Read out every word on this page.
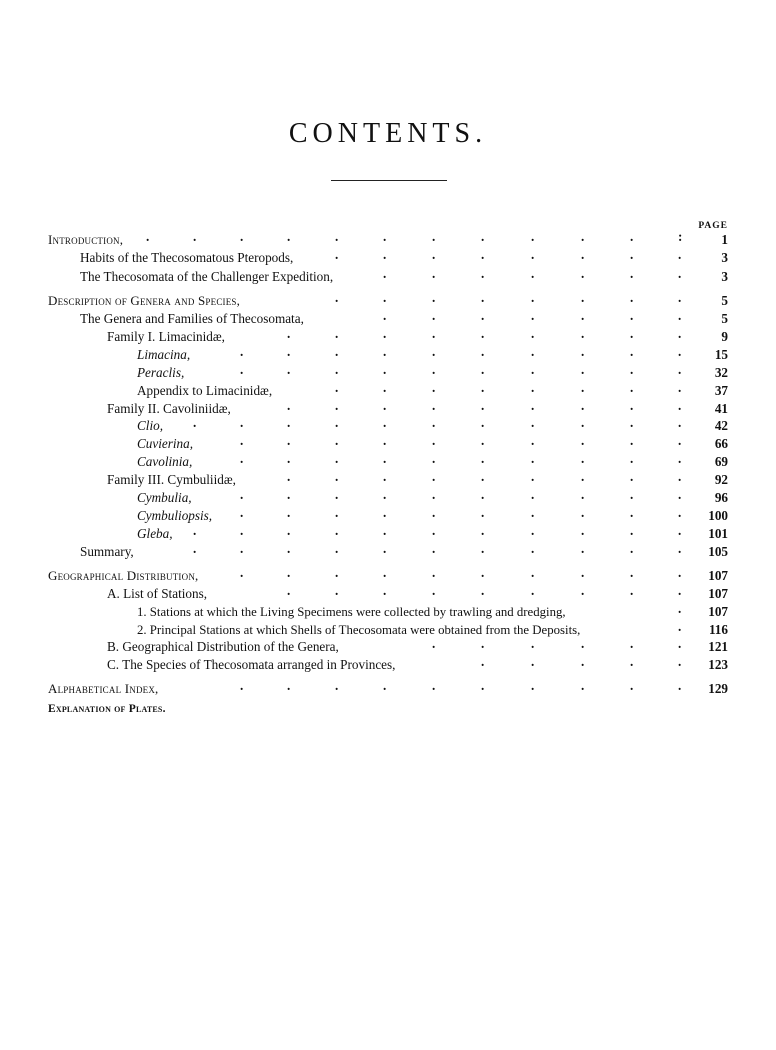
CONTENTS.
PAGE
Introduction, .	.	.	.	.	.	.	.	.	.	.	:	1
Habits of the Thecosomatous Pteropods,	.	.	.	.	.	.	.	.	3
The Thecosomata of the Challenger Expedition,	.	.	.	.	.	.	.	3
Description of Genera and Species,	.	.	.	.	.	.	.	.	5
The Genera and Families of Thecosomata,	.	.	.	.	.	.	.	5
Family I. Limacinidæ,	.	.	.	.	.	.	.	.	.	9
Limacina,	.	.	.	.	.	.	.	.	.	.	15
Peraclis,	.	.	.	.	.	.	.	.	.	.	32
Appendix to Limacinidæ,	.	.	.	.	.	.	.	.	37
Family II. Cavoliniidæ,	.	.	.	.	.	.	.	.	.	41
Clio, .	.	.	.	.	.	.	.	.	.	.	42
Cuvierina,	.	.	.	.	.	.	.	.	.	.	66
Cavolinia,	.	.	.	.	.	.	.	.	.	.	69
Family III. Cymbuliidæ,	.	.	.	.	.	.	.	.	.	92
Cymbulia,	.	.	.	.	.	.	.	.	.	.	96
Cymbuliopsis, .	.	.	.	.	.	.	.	.	. 100
Gleba, .	.	.	.	.	.	.	.	.	.	. 101
Summary,	.	.	.	.	.	.	.	.	.	.	. 105
Geographical Distribution,	.	.	.	.	.	.	.	.	.	. 107
A. List of Stations,	.	.	.	.	.	.	.	.	. 107
1. Stations at which the Living Specimens were collected by trawling and dredging,	. 107
2. Principal Stations at which Shells of Thecosomata were obtained from the Deposits,	. 116
B. Geographical Distribution of the Genera,	.	.	.	.	.	. 121
C. The Species of Thecosomata arranged in Provinces,	.	.	.	.	. 123
Alphabetical Index,	.	.	.	.	.	.	.	.	.	. 129
Explanation of Plates.
